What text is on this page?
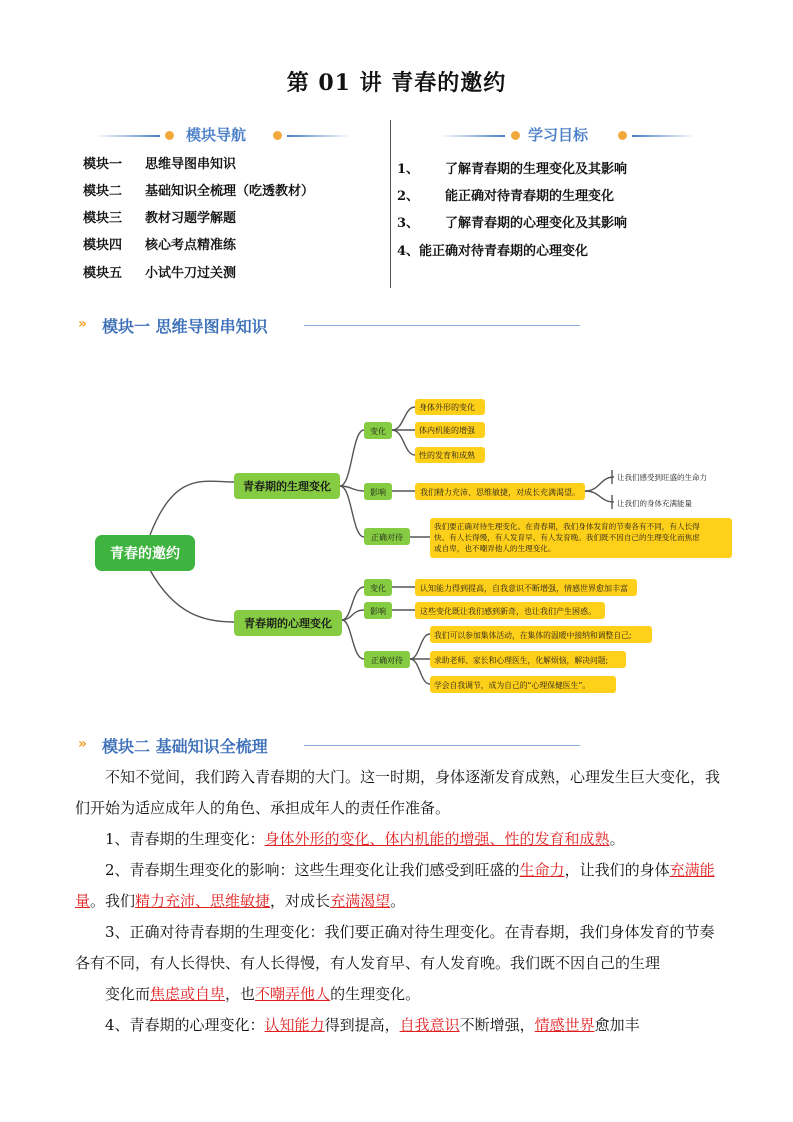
第 01 讲 青春的邀约
模块导航	学习目标
模块一 思维导图串知识
模块二 基础知识全梳理（吃透教材）
模块三 教材习题学解题
模块四 核心考点精准练
模块五 小试牛刀过关测
1、 了解青春期的生理变化及其影响
2、 能正确对待青春期的生理变化
3、 了解青春期的心理变化及其影响
4、能正确对待青春期的心理变化
» 模块一 思维导图串知识
青春的邀约
青春期的生理变化
变化
身体外形的变化
体内机能的增强
性的发育和成熟
影响	我们精力充沛、思维敏捷，对成长充满渴望。
让我们感受到旺盛的生命力
让我们的身体充满能量
正确对待
我们要正确对待生理变化。在青春期，我们身体发育的节奏各有不同，有人长得
快、有人长得慢，有人发育早、有人发育晚。我们既不因自己的生理变化而焦虑
或自卑，也不嘲弄他人的生理变化。
青春期的心理变化
变化	认知能力得到提高，自我意识不断增强，情感世界愈加丰富
影响	这些变化既让我们感到新奇，也让我们产生困惑。
正确对待
我们可以参加集体活动，在集体的温暖中接纳和调整自己;
求助老师、家长和心理医生，化解烦恼，解决问题;
学会自我调节，成为自己的“心理保健医生”。
» 模块二 基础知识全梳理

不知不觉间，我们跨入青春期的大门。这一时期，身体逐渐发育成熟，心理发生巨大变化，我们开始为适应成年人的角色、承担成年人的责任作准备。

1、青春期的生理变化：身体外形的变化、体内机能的增强、性的发育和成熟。

2、青春期生理变化的影响：这些生理变化让我们感受到旺盛的生命力，让我们的身体充满能量。我们精力充沛、思维敏捷，对成长充满渴望。

3、正确对待青春期的生理变化：我们要正确对待生理变化。在青春期，我们身体发育的节奏各有不同，有人长得快、有人长得慢，有人发育早、有人发育晚。我们既不因自己的生理

变化而焦虑或自卑，也不嘲弄他人的生理变化。

4、青春期的心理变化：认知能力得到提高，自我意识不断增强，情感世界愈加丰
